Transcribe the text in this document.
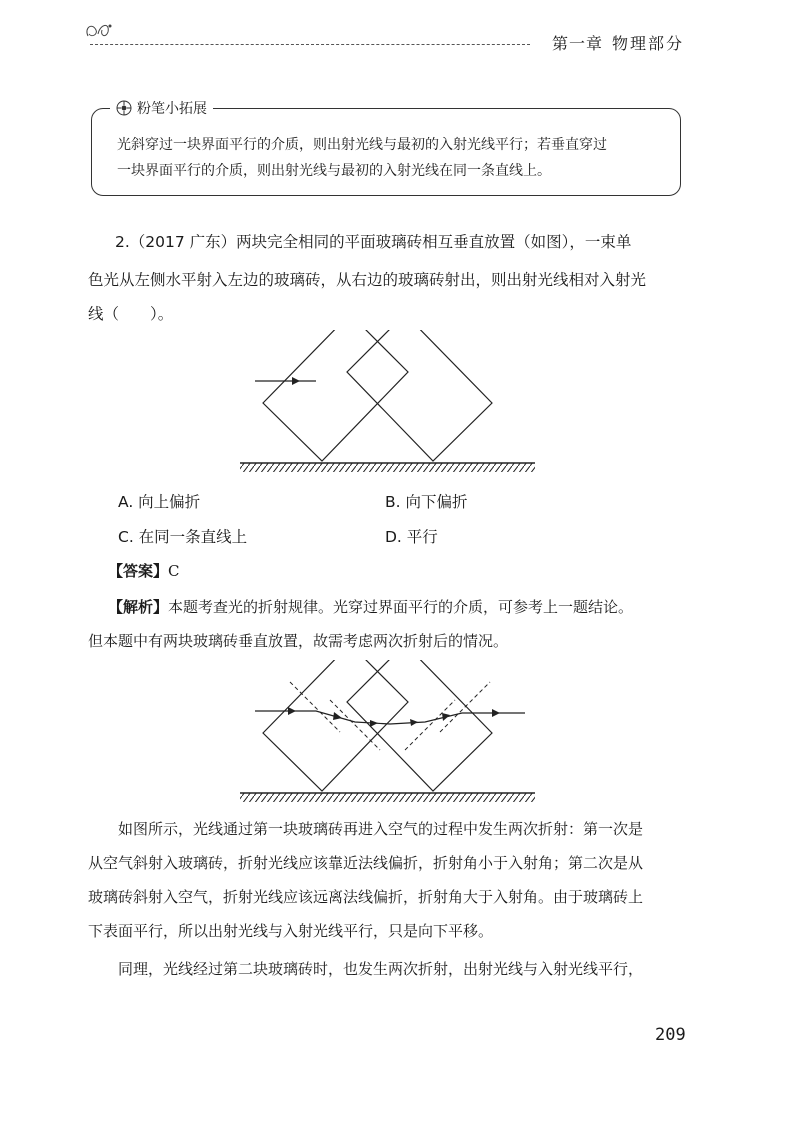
第一章 物理部分
粉笔小拓展
光斜穿过一块界面平行的介质，则出射光线与最初的入射光线平行；若垂直穿过
一块界面平行的介质，则出射光线与最初的入射光线在同一条直线上。
2.（2017 广东）两块完全相同的平面玻璃砖相互垂直放置（如图），一束单
色光从左侧水平射入左边的玻璃砖，从右边的玻璃砖射出，则出射光线相对入射光
线（　　）。
A. 向上偏折	B. 向下偏折
C. 在同一条直线上	D. 平行
【答案】C
【解析】本题考查光的折射规律。光穿过界面平行的介质，可参考上一题结论。
但本题中有两块玻璃砖垂直放置，故需考虑两次折射后的情况。
如图所示，光线通过第一块玻璃砖再进入空气的过程中发生两次折射：第一次是
从空气斜射入玻璃砖，折射光线应该靠近法线偏折，折射角小于入射角；第二次是从
玻璃砖斜射入空气，折射光线应该远离法线偏折，折射角大于入射角。由于玻璃砖上
下表面平行，所以出射光线与入射光线平行，只是向下平移。
同理，光线经过第二块玻璃砖时，也发生两次折射，出射光线与入射光线平行，
209
